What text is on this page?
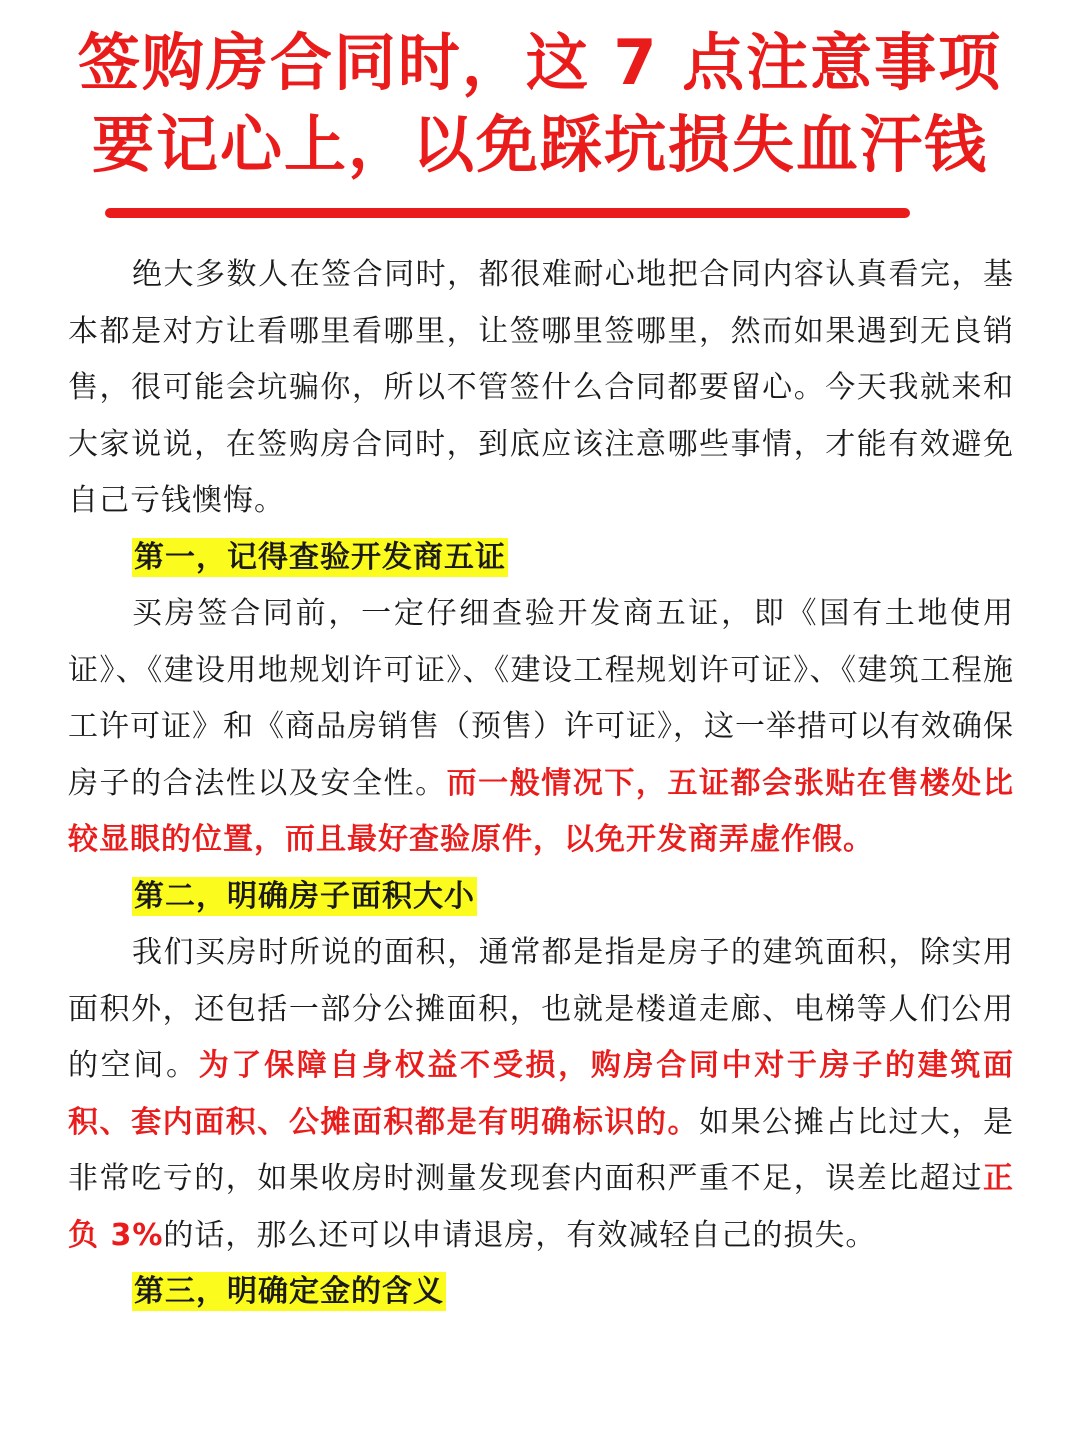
签购房合同时，这 7 点注意事项
要记心上，以免踩坑损失血汗钱

绝大多数人在签合同时，都很难耐心地把合同内容认真看完，基本都是对方让看哪里看哪里，让签哪里签哪里，然而如果遇到无良销售，很可能会坑骗你，所以不管签什么合同都要留心。今天我就来和大家说说，在签购房合同时，到底应该注意哪些事情，才能有效避免自己亏钱懊悔。

第一，记得查验开发商五证

买房签合同前，一定仔细查验开发商五证，即《国有土地使用证》、《建设用地规划许可证》、《建设工程规划许可证》、《建筑工程施工许可证》和《商品房销售（预售）许可证》，这一举措可以有效确保房子的合法性以及安全性。而一般情况下，五证都会张贴在售楼处比较显眼的位置，而且最好查验原件，以免开发商弄虚作假。

第二，明确房子面积大小

我们买房时所说的面积，通常都是指是房子的建筑面积，除实用面积外，还包括一部分公摊面积，也就是楼道走廊、电梯等人们公用的空间。为了保障自身权益不受损，购房合同中对于房子的建筑面积、套内面积、公摊面积都是有明确标识的。如果公摊占比过大，是非常吃亏的，如果收房时测量发现套内面积严重不足，误差比超过正负 3%的话，那么还可以申请退房，有效减轻自己的损失。

第三，明确定金的含义
